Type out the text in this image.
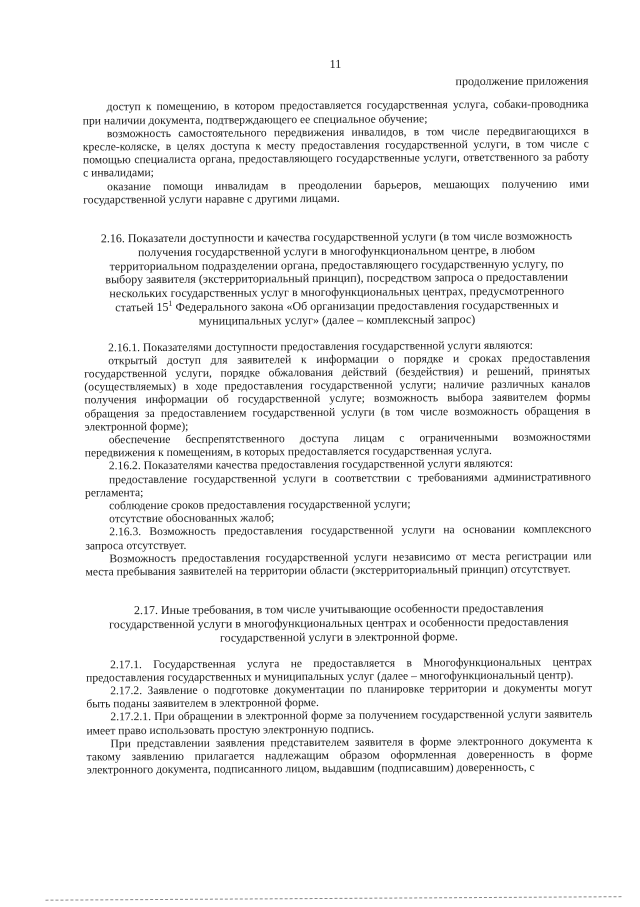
11
продолжение приложения

доступ к помещению, в котором предоставляется государственная услуга, собаки-проводника при наличии документа, подтверждающего ее специальное обучение;

возможность самостоятельного передвижения инвалидов, в том числе передвигающихся в кресле-коляске, в целях доступа к месту предоставления государственной услуги, в том числе с помощью специалиста органа, предоставляющего государственные услуги, ответственного за работу с инвалидами;

оказание помощи инвалидам в преодолении барьеров, мешающих получению ими государственной услуги наравне с другими лицами.

2.16. Показатели доступности и качества государственной услуги (в том числе возможность получения государственной услуги в многофункциональном центре, в любом территориальном подразделении органа, предоставляющего государственную услугу, по выбору заявителя (экстерриториальный принцип), посредством запроса о предоставлении нескольких государственных услуг в многофункциональных центрах, предусмотренного статьей $15^1$ Федерального закона «Об организации предоставления государственных и муниципальных услуг» (далее – комплексный запрос)

2.16.1. Показателями доступности предоставления государственной услуги являются:

открытый доступ для заявителей к информации о порядке и сроках предоставления государственной услуги, порядке обжалования действий (бездействия) и решений, принятых (осуществляемых) в ходе предоставления государственной услуги; наличие различных каналов получения информации об государственной услуге; возможность выбора заявителем формы обращения за предоставлением государственной услуги (в том числе возможность обращения в электронной форме);

обеспечение беспрепятственного доступа лицам с ограниченными возможностями передвижения к помещениям, в которых предоставляется государственная услуга.

2.16.2. Показателями качества предоставления государственной услуги являются:

предоставление государственной услуги в соответствии с требованиями административного регламента;

соблюдение сроков предоставления государственной услуги;

отсутствие обоснованных жалоб;

2.16.3. Возможность предоставления государственной услуги на основании комплексного запроса отсутствует.

Возможность предоставления государственной услуги независимо от места регистрации или места пребывания заявителей на территории области (экстерриториальный принцип) отсутствует.

2.17. Иные требования, в том числе учитывающие особенности предоставления государственной услуги в многофункциональных центрах и особенности предоставления государственной услуги в электронной форме.

2.17.1. Государственная услуга не предоставляется в Многофункциональных центрах предоставления государственных и муниципальных услуг (далее – многофункциональный центр).

2.17.2. Заявление о подготовке документации по планировке территории и документы могут быть поданы заявителем в электронной форме.

2.17.2.1. При обращении в электронной форме за получением государственной услуги заявитель имеет право использовать простую электронную подпись.

При представлении заявления представителем заявителя в форме электронного документа к такому заявлению прилагается надлежащим образом оформленная доверенность в форме электронного документа, подписанного лицом, выдавшим (подписавшим) доверенность, с
